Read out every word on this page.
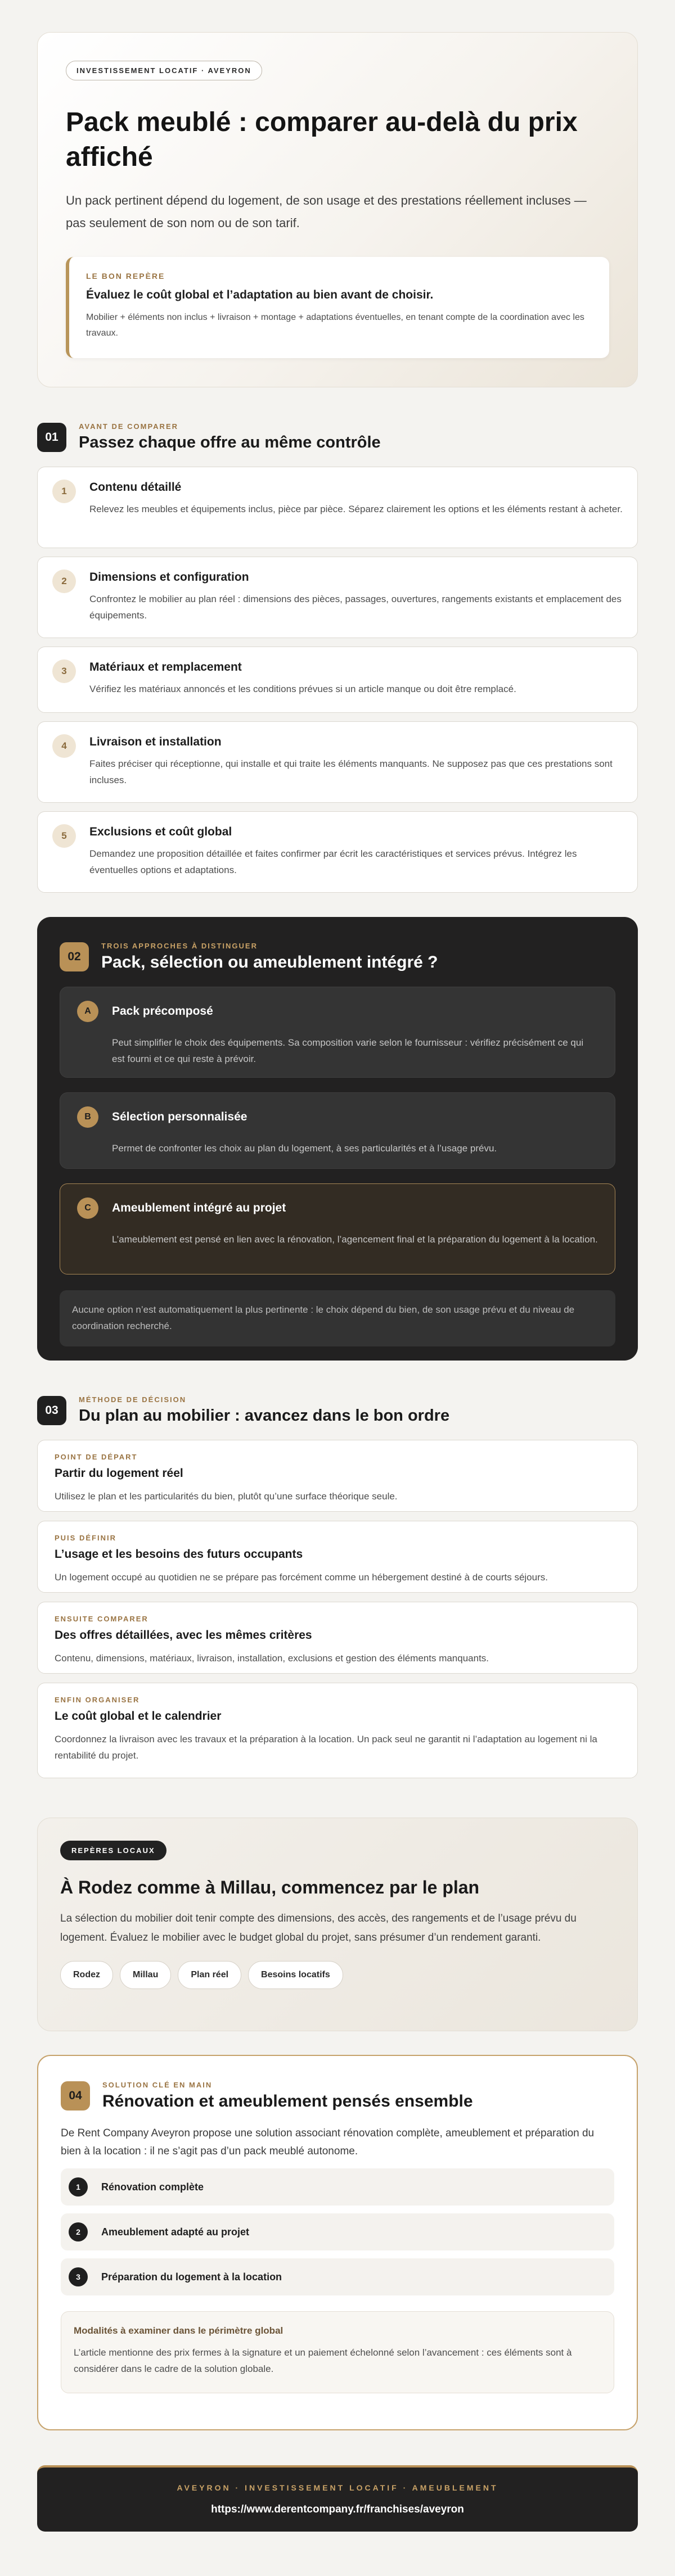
INVESTISSEMENT LOCATIF · AVEYRON
Pack meublé : comparer au-delà du prix affiché

Un pack pertinent dépend du logement, de son usage et des prestations réellement incluses — pas seulement de son nom ou de son tarif.

LE BON REPÈRE
Évaluez le coût global et l’adaptation au bien avant de choisir.

Mobilier + éléments non inclus + livraison + montage + adaptations éventuelles, en tenant compte de la coordination avec les travaux.

01
AVANT DE COMPARER
Passez chaque offre au même contrôle
1	Contenu détaillé

Relevez les meubles et équipements inclus, pièce par pièce. Séparez clairement les options et les éléments restant à acheter.

2	Dimensions et configuration

Confrontez le mobilier au plan réel : dimensions des pièces, passages, ouvertures, rangements existants et emplacement des équipements.

3	Matériaux et remplacement

Vérifiez les matériaux annoncés et les conditions prévues si un article manque ou doit être remplacé.

4	Livraison et installation

Faites préciser qui réceptionne, qui installe et qui traite les éléments manquants. Ne supposez pas que ces prestations sont incluses.

5	Exclusions et coût global

Demandez une proposition détaillée et faites confirmer par écrit les caractéristiques et services prévus. Intégrez les éventuelles options et adaptations.

02
TROIS APPROCHES À DISTINGUER
Pack, sélection ou ameublement intégré ?
A	Pack précomposé

Peut simplifier le choix des équipements. Sa composition varie selon le fournisseur : vérifiez précisément ce qui est fourni et ce qui reste à prévoir.

B	Sélection personnalisée

Permet de confronter les choix au plan du logement, à ses particularités et à l’usage prévu.

C	Ameublement intégré au projet

L’ameublement est pensé en lien avec la rénovation, l’agencement final et la préparation du logement à la location.

Aucune option n’est automatiquement la plus pertinente : le choix dépend du bien, de son usage prévu et du niveau de coordination recherché.
03
MÉTHODE DE DÉCISION
Du plan au mobilier : avancez dans le bon ordre
POINT DE DÉPART
Partir du logement réel

Utilisez le plan et les particularités du bien, plutôt qu’une surface théorique seule.

PUIS DÉFINIR
L’usage et les besoins des futurs occupants

Un logement occupé au quotidien ne se prépare pas forcément comme un hébergement destiné à de courts séjours.

ENSUITE COMPARER
Des offres détaillées, avec les mêmes critères

Contenu, dimensions, matériaux, livraison, installation, exclusions et gestion des éléments manquants.

ENFIN ORGANISER
Le coût global et le calendrier

Coordonnez la livraison avec les travaux et la préparation à la location. Un pack seul ne garantit ni l’adaptation au logement ni la rentabilité du projet.

REPÈRES LOCAUX
À Rodez comme à Millau, commencez par le plan

La sélection du mobilier doit tenir compte des dimensions, des accès, des rangements et de l’usage prévu du logement. Évaluez le mobilier avec le budget global du projet, sans présumer d’un rendement garanti.

Rodez	Millau	Plan réel	Besoins locatifs
04
SOLUTION CLÉ EN MAIN
Rénovation et ameublement pensés ensemble

De Rent Company Aveyron propose une solution associant rénovation complète, ameublement et préparation du bien à la location : il ne s’agit pas d’un pack meublé autonome.

1	Rénovation complète
2	Ameublement adapté au projet
3	Préparation du logement à la location
Modalités à examiner dans le périmètre global

L’article mentionne des prix fermes à la signature et un paiement échelonné selon l’avancement : ces éléments sont à considérer dans le cadre de la solution globale.

AVEYRON · INVESTISSEMENT LOCATIF · AMEUBLEMENT
https://www.derentcompany.fr/franchises/aveyron
